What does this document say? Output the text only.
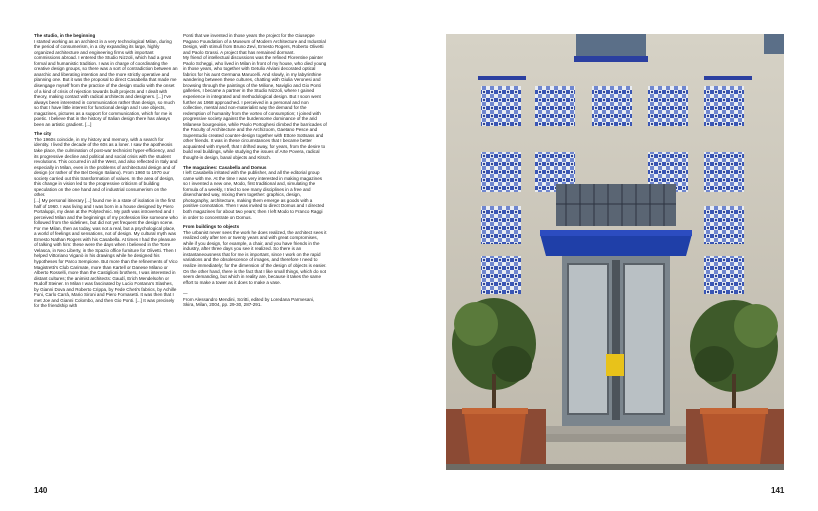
The studio, in the beginning

I started working as an architect in a very technological Milan, during the period of consumerism, in a city expanding its large, highly organized architecture and engineering firms with important commissions abroad. I entered the Studio Nizzoli, which had a great formal and humanistic tradition. I was in charge of coordinating the creative design groups, so there was a sort of contradiction between an anarchic and liberating intention and the more strictly operative and planning one. But it was the proposal to direct Casabella that made me disengage myself from the practice of the design studio with the onset of a kind of crisis of rejection towards built projects and I dealt with theory, making contact with radical architects and designers. [...] I've always been interested in communication rather than design, so much so that I have little interest for functional design and I use objects, magazines, pictures as a support for communication, which for me is poetic. I believe that in the history of Italian design there has always been an artistic gradient. [...]

The city

The 1960s coincide, in my history and memory, with a search for identity. I lived the decade of the 60s as a loner. I saw the apotheosis take place, the culmination of post-war technicist hyper-efficiency, and its progressive decline and political and social crisis with the student revolutions. This occurred in all the West, and also reflected in Italy and especially in Milan, even in the problems of architectural design and of design (or rather of the Bel Design Italiano). From 1960 to 1970 our society carried out this transformation of values. In the area of design, this change in vision led to the progressive criticism of building speculation on the one hand and of industrial consumerism on the other.
[...] My personal itinerary [...] found me in a state of isolation in the first half of 1960. I was living and I was born in a house designed by Piero Portaluppi, my dean at the Polytechnic. My path was introverted and I perceived Milan and the beginnings of my profession like someone who followed from the sidelines, but did not yet frequent the design scene. For me Milan, then as today, was not a real, but a psychological place, a world of feelings and sensations, not of design. My cultural myth was Ernesto Nathan Rogers with his Casabella. At times I had the pleasure of talking with him: these were the days when I believed in the Torre Velasca, in Neo Liberty, in the Spazio office furniture for Olivetti. Then I helped Vittoriano Viganò in his drawings while he designed his hypotheses for Parco Sempione. But more than the refinements of Vico Magistretti's Club Carimate, more than Kartell or Danese Milano or Alberto Rosselli, more than the Castiglioni brothers, I was interested in distant cultures; the animist architects: Gaudí, Erich Mendelsohn or Rudolf Steiner. In Milan I was fascinated by Lucio Fontana's Slashes, by Gianni Dova and Roberto Crippa, by Fede Cheti's fabrics, by Achille Funi, Carlo Carrà, Mario Sironi and Piero Fornasetti. It was then that I met Joe and Gianni Colombo, and then Gio Ponti. [...] It was precisely for the friendship with

Ponti that we invented in those years the project for the Giuseppe Pagano Foundation of a Museum of Modern Architecture and Industrial Design, with stimuli from Bruno Zevi, Ernesto Rogers, Roberto Olivetti and Paolo Grassi. A project that has remained dormant.
My friend of intellectual discussions was the refined Florentine painter Paolo Scheggi, who lived in Milan in front of my house, who died young in those years, who together with Getulio Alviani decorated optical fabrics for his aunt Germana Marucelli. And slowly, in my labyrinthine wandering between these cultures, chatting with Giulia Veronesi and browsing through the paintings of the Milione, Naviglio and Gio Ponti galleries, I became a partner in the Studio Nizzoli, where I gained experience in integrated and methodological design. But I soon went further as 1968 approached. I perceived in a personal and non collective, mental and non-materialist way the demand for the redemption of humanity from the vortex of consumption; I joined with progressive society against the burdensome dominance of the arid Milanese bourgeoisie, while Paolo Portoghesi climbed the barricades of the Faculty of Architecture and the Archizoom, Gaetano Pesce and Superstudio created counter-design together with Ettore Sottsass and other friends. It was in these circumstances that I became better acquainted with myself, that I drifted away, for years, from the desire to build real buildings, while studying the issues of Arte Povera, radical thought-in design, banal objects and Kitsch.

The magazines: Casabella and Domus

I left Casabella irritated with the publisher, and all the editorial group came with me. At the time I was very interested in making magazines so I invented a new one, Modo, first traditional and, simulating the formula of a weekly, I tried to see many disciplines in a free and disenchanted way, mixing them together: graphics, design, photography, architecture, making them emerge as goods with a positive connotation. Then I was invited to direct Domus and I directed both magazines for about two years; then I left Modo to Franco Raggi in order to concentrate on Domus.

From buildings to objects

The urbanist never sees the work he does realized, the architect sees it realized only after ten or twenty years and with great compromises, while if you design, for example, a chair, and you have friends in the industry, after three days you see it realized. So there is an instantaneousness that for me is important, since I work on the rapid variations and the obsolescence of images, and therefore I need to realize immediately; for the dimension of the design of objects is easier. On the other hand, there is the fact that I like small things, which do not seem demanding, but which in reality are, because it takes the same effort to make a tower as it does to make a vase.

—
From Alessandro Mendini, Scritti, edited by Loredana Parmesani, Skira, Milan, 2004, pp. 29-30, 287-291.

140	141
